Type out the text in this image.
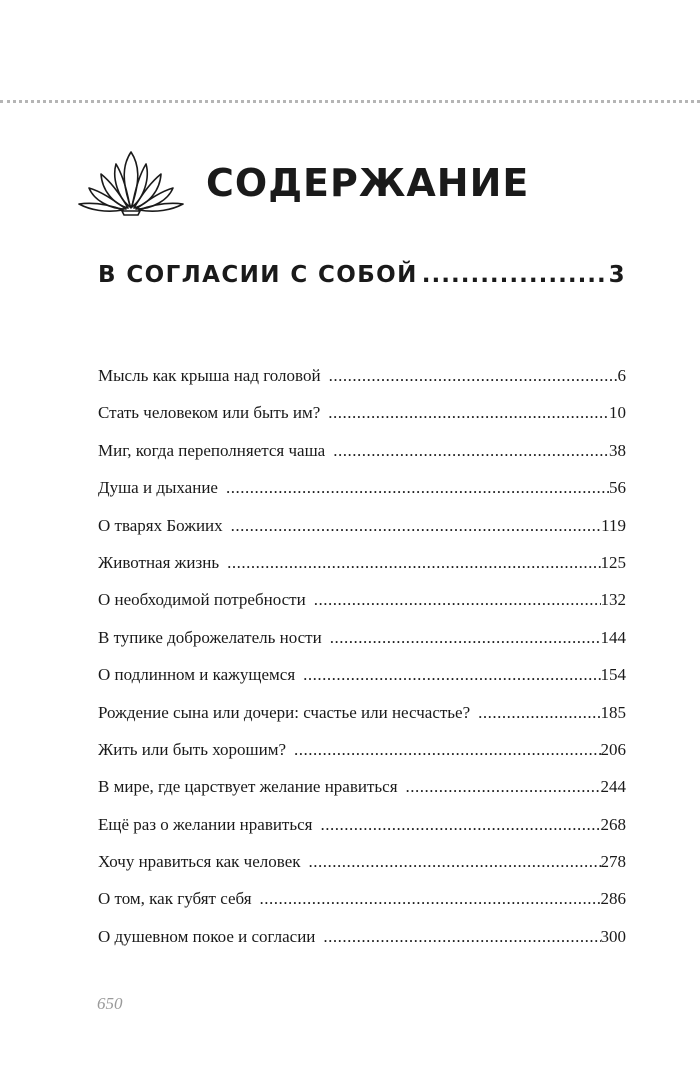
СОДЕРЖАНИЕ
В СОГЛАСИИ С СОБОЙ .....	3
Мысль как крыша над головой .....	6
Стать человеком или быть им? .....	10
Миг, когда переполняется чаша .....	38
Душа и дыхание .....	56
О тварях Божиих .....	119
Животная жизнь .....	125
О необходимой потребности .....	132
В тупике доброжелатель ности .....	144
О подлинном и кажущемся .....	154
Рождение сына или дочери: счастье или несчастье? .....	185
Жить или быть хорошим? .....	206
В мире, где царствует желание нравиться .....	244
Ещё раз о желании нравиться .....	268
Хочу нравиться как человек .....	278
О том, как губят себя .....	286
О душевном покое и согласии .....	300
650
